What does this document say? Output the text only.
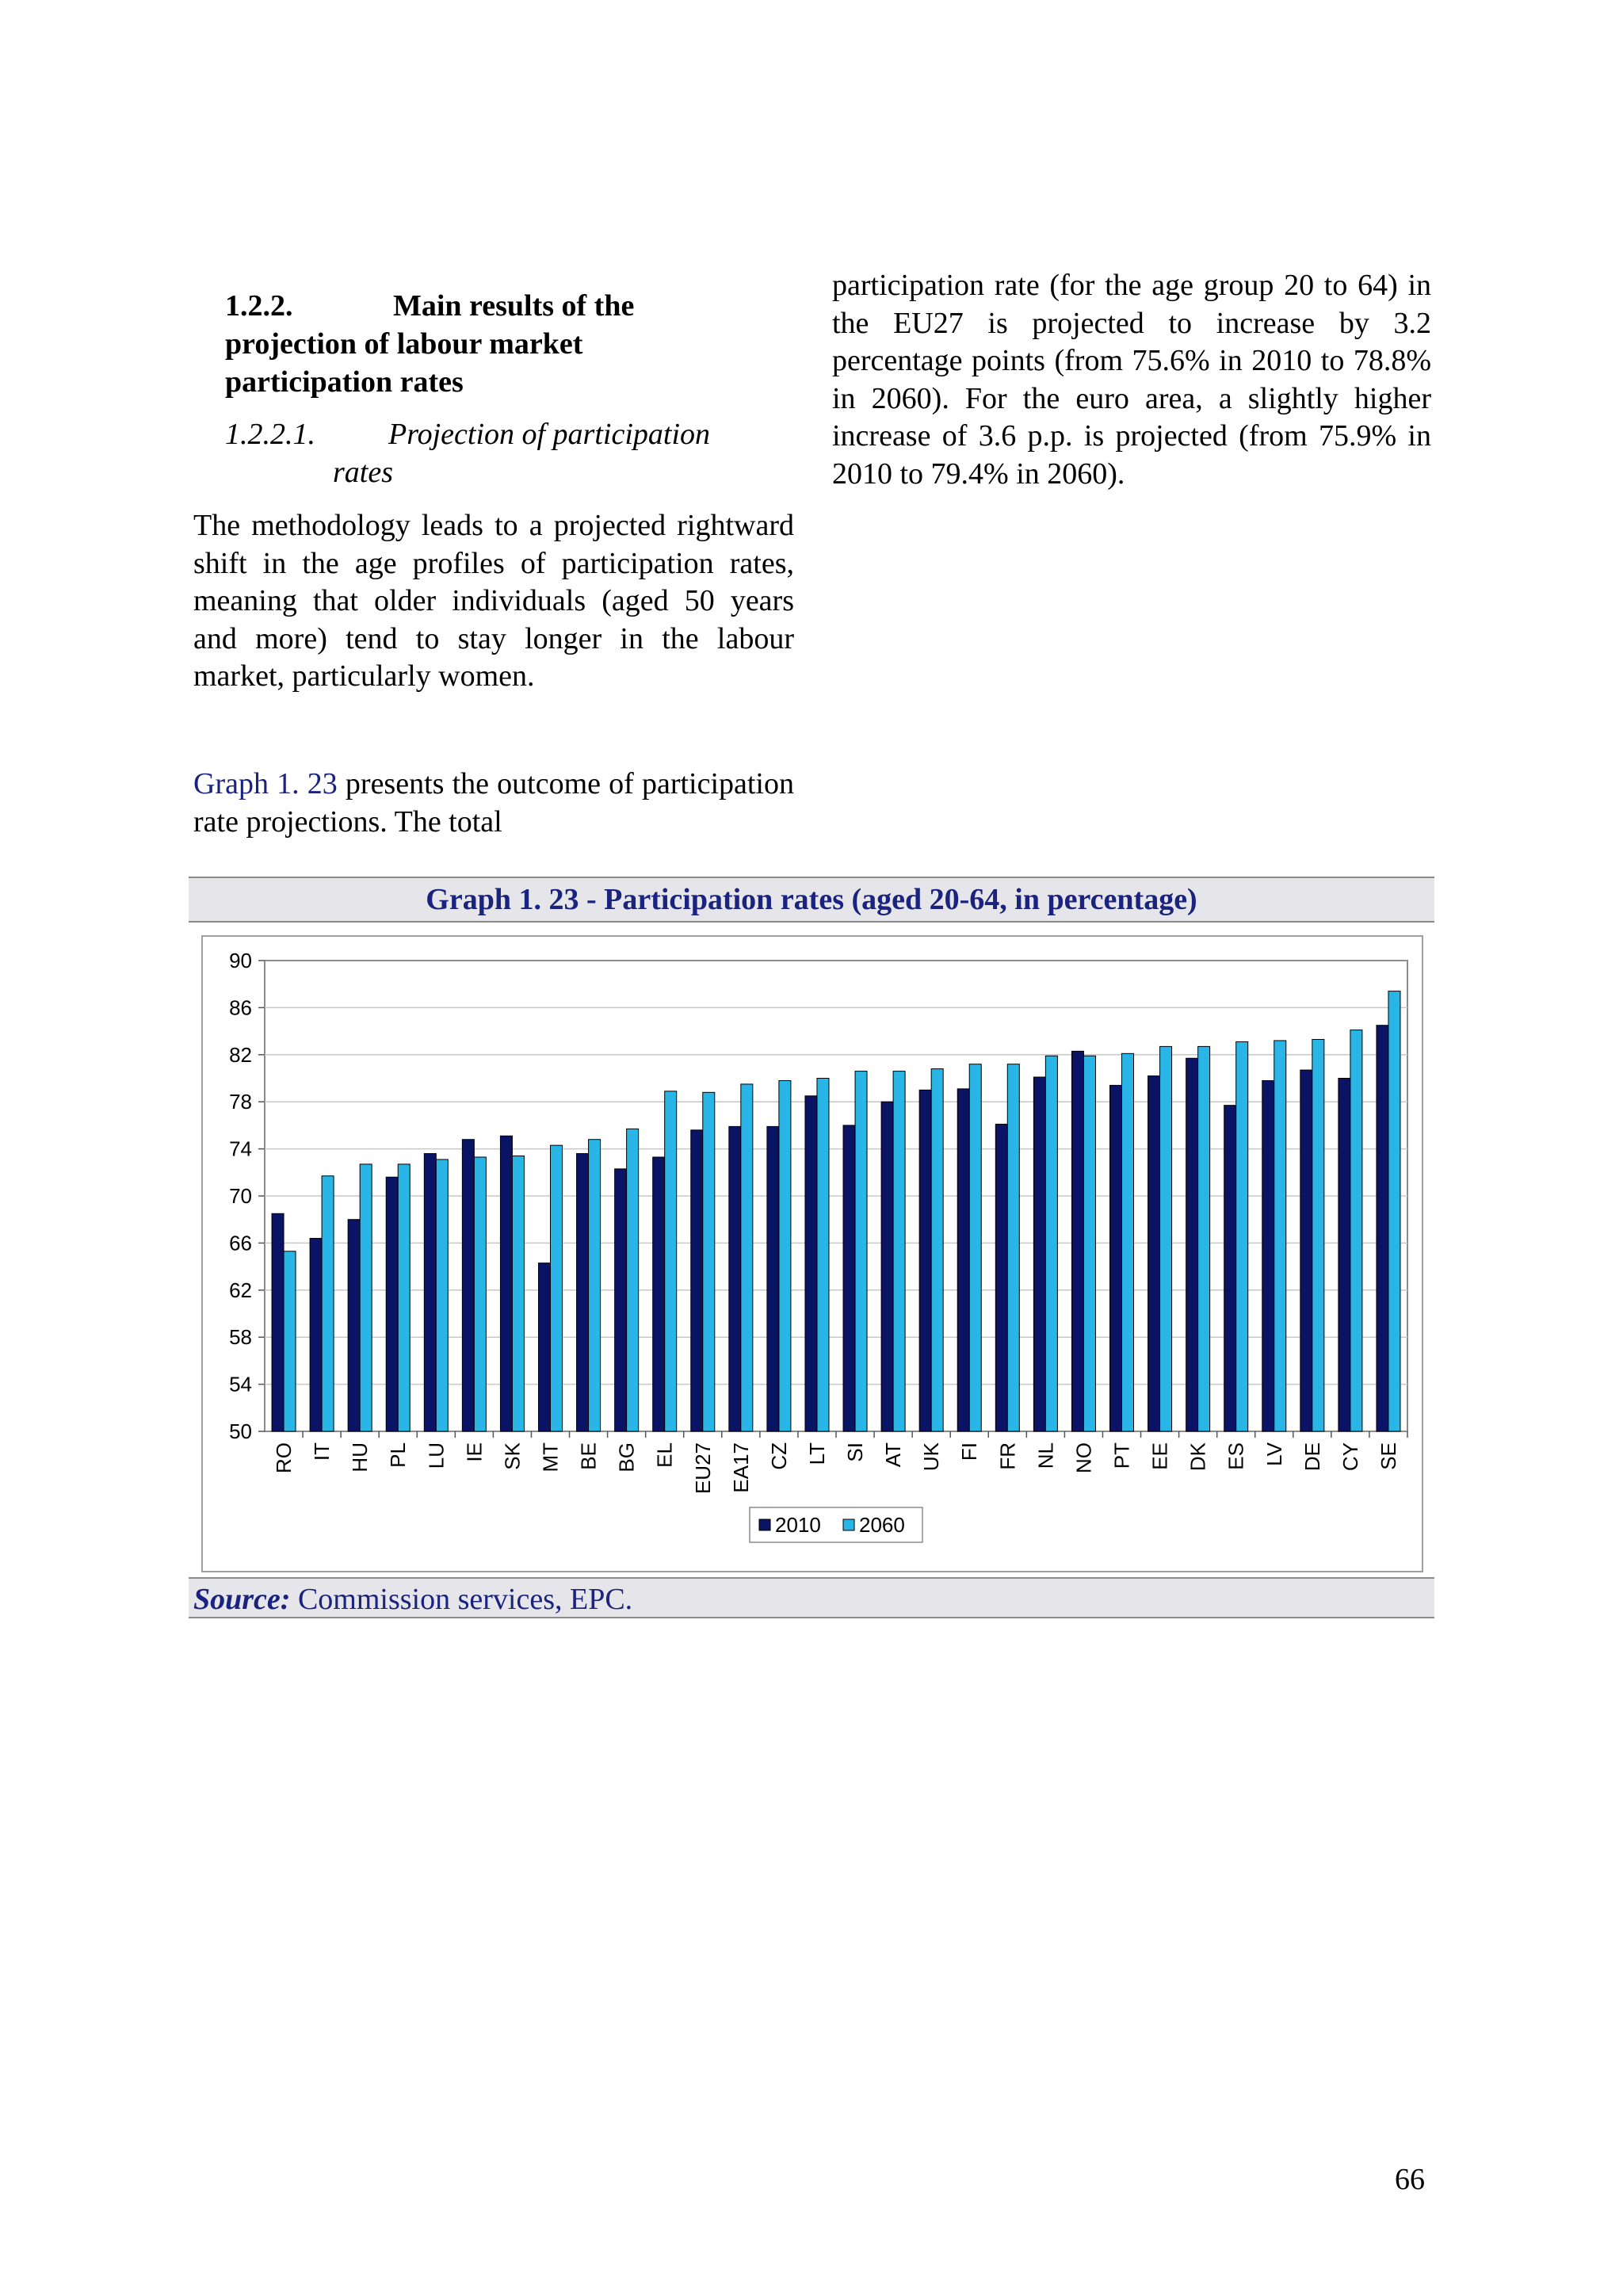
1.2.2.	Main results of the
projection of labour market
participation rates
1.2.2.1. Projection of participation
rates
The methodology leads to a projected rightward shift in the age profiles of participation rates, meaning that older individuals (aged 50 years and more) tend to stay longer in the labour market, particularly women.
Graph 1. 23 presents the outcome of participation rate projections. The total
participation rate (for the age group 20 to 64) in the EU27 is projected to increase by 3.2 percentage points (from 75.6% in 2010 to 78.8% in 2060). For the euro area, a slightly higher increase of 3.6 p.p. is projected (from 75.9% in 2010 to 79.4% in 2060).
Graph 1. 23 - Participation rates (aged 20-64, in percentage)
50
54
58
62
66
70
74
78
82
86
90
RO IT HU PL LU IE SK MT BE BG EL EU27 EA17 CZ LT SI AT UK FI FR NL NO PT EE DK ES LV DE CY SE
2010 2060
Source: Commission services, EPC.
66
